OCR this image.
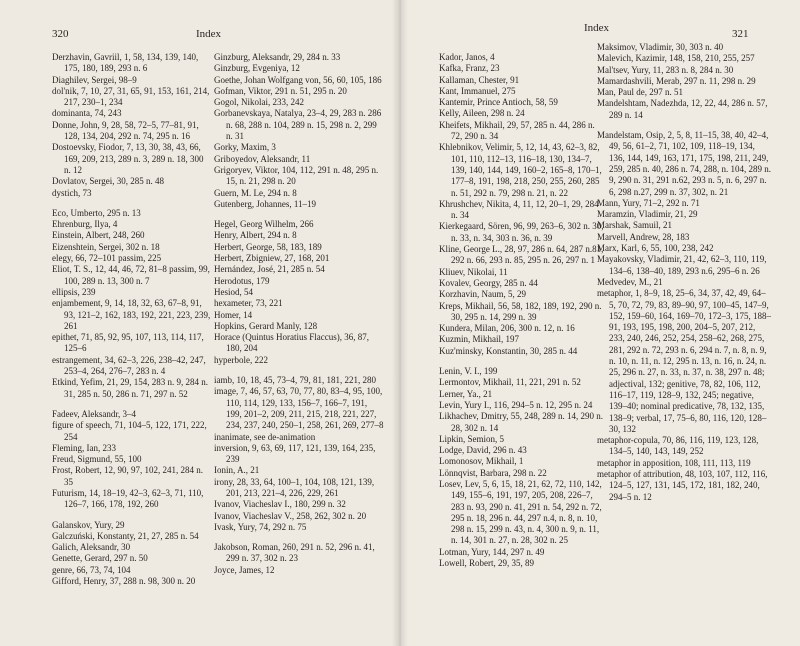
320	Index
Derzhavin, Gavriil, 1, 58, 134, 139, 140, 175, 180, 189, 293 n. 6
Diaghilev, Sergei, 98–9
dol'nik, 7, 10, 27, 31, 65, 91, 153, 161, 214, 217, 230–1, 234
dominanta, 74, 243
Donne, John, 9, 28, 58, 72–5, 77–81, 91, 128, 134, 204, 292 n. 74, 295 n. 16
Dostoevsky, Fiodor, 7, 13, 30, 38, 43, 66, 169, 209, 213, 289 n. 3, 289 n. 18, 300 n. 12
Dovlatov, Sergei, 30, 285 n. 48
dystich, 73
Eco, Umberto, 295 n. 13
Ehrenburg, Ilya, 4
Einstein, Albert, 248, 260
Eizenshtein, Sergei, 302 n. 18
elegy, 66, 72–101 passim, 225
Eliot, T. S., 12, 44, 46, 72, 81–8 passim, 99, 100, 289 n. 13, 300 n. 7
ellipsis, 239
enjambement, 9, 14, 18, 32, 63, 67–8, 91, 93, 121–2, 162, 183, 192, 221, 223, 239, 261
epithet, 71, 85, 92, 95, 107, 113, 114, 117, 125–6
estrangement, 34, 62–3, 226, 238–42, 247, 253–4, 264, 276–7, 283 n. 4
Etkind, Yefim, 21, 29, 154, 283 n. 9, 284 n. 31, 285 n. 50, 286 n. 71, 297 n. 52
Fadeev, Aleksandr, 3–4
figure of speech, 71, 104–5, 122, 171, 222, 254
Fleming, Ian, 233
Freud, Sigmund, 55, 100
Frost, Robert, 12, 90, 97, 102, 241, 284 n. 35
Futurism, 14, 18–19, 42–3, 62–3, 71, 110, 126–7, 166, 178, 192, 260
Galanskov, Yury, 29
Galczuński, Konstanty, 21, 27, 285 n. 54
Galich, Aleksandr, 30
Genette, Gerard, 297 n. 50
genre, 66, 73, 74, 104
Gifford, Henry, 37, 288 n. 98, 300 n. 20
Ginzburg, Aleksandr, 29, 284 n. 33
Ginzburg, Evgeniya, 12
Goethe, Johan Wolfgang von, 56, 60, 105, 186
Gofman, Viktor, 291 n. 51, 295 n. 20
Gogol, Nikolai, 233, 242
Gorbanevskaya, Natalya, 23–4, 29, 283 n. 286 n. 68, 288 n. 104, 289 n. 15, 298 n. 2, 299 n. 31
Gorky, Maxim, 3
Griboyedov, Aleksandr, 11
Grigoryev, Viktor, 104, 112, 291 n. 48, 295 n. 15, n. 21, 298 n. 20
Guern, M. Le, 294 n. 8
Gutenberg, Johannes, 11–19
Hegel, Georg Wilhelm, 266
Henry, Albert, 294 n. 8
Herbert, George, 58, 183, 189
Herbert, Zbigniew, 27, 168, 201
Hernández, José, 21, 285 n. 54
Herodotus, 179
Hesiod, 54
hexameter, 73, 221
Homer, 14
Hopkins, Gerard Manly, 128
Horace (Quintus Horatius Flaccus), 36, 87, 180, 204
hyperbole, 222
iamb, 10, 18, 45, 73–4, 79, 81, 181, 221, 280
image, 7, 46, 57, 63, 70, 77, 80, 83–4, 95, 100, 110, 114, 129, 133, 156–7, 166–7, 191, 199, 201–2, 209, 211, 215, 218, 221, 227, 234, 237, 240, 250–1, 258, 261, 269, 277–8
inanimate, see de-animation
inversion, 9, 63, 69, 117, 121, 139, 164, 235, 239
Ionin, A., 21
irony, 28, 33, 64, 100–1, 104, 108, 121, 139, 201, 213, 221–4, 226, 229, 261
Ivanov, Viacheslav I., 180, 299 n. 32
Ivanov, Viacheslav V., 258, 262, 302 n. 20
Ivask, Yury, 74, 292 n. 75
Jakobson, Roman, 260, 291 n. 52, 296 n. 41, 299 n. 37, 302 n. 23
Joyce, James, 12
Index	321
Kador, Janos, 4
Kafka, Franz, 23
Kallaman, Chester, 91
Kant, Immanuel, 275
Kantemir, Prince Antioch, 58, 59
Kelly, Aileen, 298 n. 24
Kheifets, Mikhail, 29, 57, 285 n. 44, 286 n. 72, 290 n. 34
Khlebnikov, Velimir, 5, 12, 14, 43, 62–3, 82, 101, 110, 112–13, 116–18, 130, 134–7, 139, 140, 144, 149, 160–2, 165–8, 170–1, 177–8, 191, 198, 218, 250, 255, 260, 285 n. 51, 292 n. 79, 298 n. 21, n. 22
Khrushchev, Nikita, 4, 11, 12, 20–1, 29, 284 n. 34
Kierkegaard, Sören, 96, 99, 263–6, 302 n. 30, n. 33, n. 34, 303 n. 36, n. 39
Kline, George L., 28, 97, 286 n. 64, 287 n.81, 292 n. 66, 293 n. 85, 295 n. 26, 297 n. 1
Kliuev, Nikolai, 11
Kovalev, Georgy, 285 n. 44
Korzhavin, Naum, 5, 29
Kreps, Mikhail, 56, 58, 182, 189, 192, 290 n. 30, 295 n. 14, 299 n. 39
Kundera, Milan, 206, 300 n. 12, n. 16
Kuzmin, Mikhail, 197
Kuz'minsky, Konstantin, 30, 285 n. 44
Lenin, V. I., 199
Lermontov, Mikhail, 11, 221, 291 n. 52
Lerner, Ya., 21
Levin, Yury I., 116, 294–5 n. 12, 295 n. 24
Likhachev, Dmitry, 55, 248, 289 n. 14, 290 n. 28, 302 n. 14
Lipkin, Semion, 5
Lodge, David, 296 n. 43
Lomonosov, Mikhail, 1
Lönnqvist, Barbara, 298 n. 22
Losev, Lev, 5, 6, 15, 18, 21, 62, 72, 110, 142, 149, 155–6, 191, 197, 205, 208, 226–7, 283 n. 93, 290 n. 41, 291 n. 54, 292 n. 72, 295 n. 18, 296 n. 44, 297 n.4, n. 8, n. 10, 298 n. 15, 299 n. 43, n. 4, 300 n. 9, n. 11, n. 14, 301 n. 27, n. 28, 302 n. 25
Lotman, Yury, 144, 297 n. 49
Lowell, Robert, 29, 35, 89
Maksimov, Vladimir, 30, 303 n. 40
Malevich, Kazimir, 148, 158, 210, 255, 257
Mal'tsev, Yury, 11, 283 n. 8, 284 n. 30
Mamardashvili, Merab, 297 n. 11, 298 n. 29
Man, Paul de, 297 n. 51
Mandelshtam, Nadezhda, 12, 22, 44, 286 n. 57, 289 n. 14
Mandelstam, Osip, 2, 5, 8, 11–15, 38, 40, 42–4, 49, 56, 61–2, 71, 102, 109, 118–19, 134, 136, 144, 149, 163, 171, 175, 198, 211, 249, 259, 285 n. 40, 286 n. 74, 288, n. 104, 289 n. 9, 290 n. 31, 291 n.62, 293 n. 5, n. 6, 297 n. 6, 298 n.27, 299 n. 37, 302, n. 21
Mann, Yury, 71–2, 292 n. 71
Maramzin, Vladimir, 21, 29
Marshak, Samuil, 21
Marvell, Andrew, 28, 183
Marx, Karl, 6, 55, 100, 238, 242
Mayakovsky, Vladimir, 21, 42, 62–3, 110, 119, 134–6, 138–40, 189, 293 n.6, 295–6 n. 26
Medvedev, M., 21
metaphor, 1, 8–9, 18, 25–6, 34, 37, 42, 49, 64–5, 70, 72, 79, 83, 89–90, 97, 100–45, 147–9, 152, 159–60, 164, 169–70, 172–3, 175, 188–91, 193, 195, 198, 200, 204–5, 207, 212, 233, 240, 246, 252, 254, 258–62, 268, 275, 281, 292 n. 72, 293 n. 6, 294 n. 7, n. 8, n. 9, n. 10, n. 11, n. 12, 295 n. 13, n. 16, n. 24, n. 25, 296 n. 27, n. 33, n. 37, n. 38, 297 n. 48; adjectival, 132; genitive, 78, 82, 106, 112, 116–17, 119, 128–9, 132, 245; negative, 139–40; nominal predicative, 78, 132, 135, 138–9; verbal, 17, 75–6, 80, 116, 120, 128–30, 132
metaphor-copula, 70, 86, 116, 119, 123, 128, 134–5, 140, 143, 149, 252
metaphor in apposition, 108, 111, 113, 119
metaphor of attribution, 48, 103, 107, 112, 116, 124–5, 127, 131, 145, 172, 181, 182, 240, 294–5 n. 12
